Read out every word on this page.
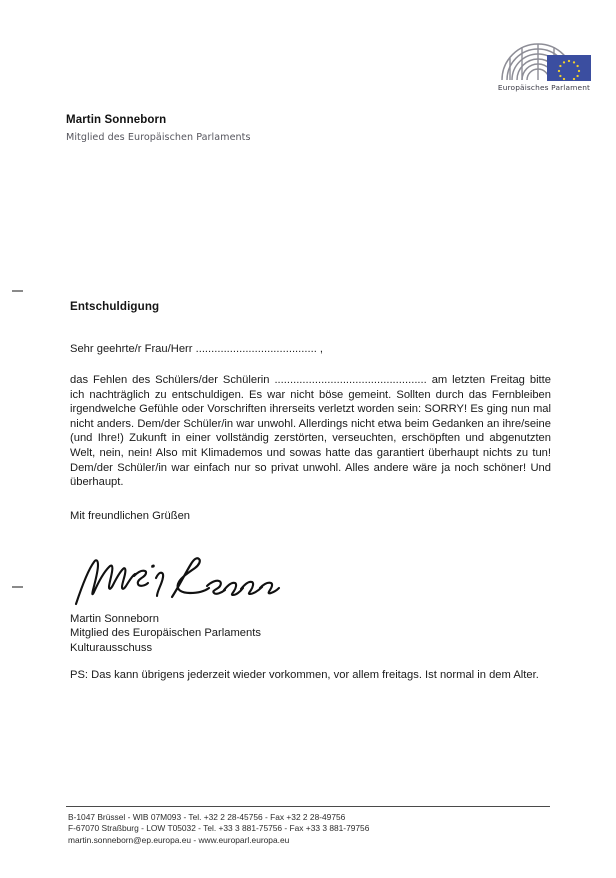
Europäisches Parlament
Martin Sonneborn
Mitglied des Europäischen Parlaments
Entschuldigung
Sehr geehrte/r Frau/Herr ....................................... ,
das Fehlen des Schülers/der Schülerin ................................................. am letzten Freitag bitte ich nachträglich zu entschuldigen. Es war nicht böse gemeint. Sollten durch das Fernbleiben irgendwelche Gefühle oder Vorschriften ihrerseits verletzt worden sein: SORRY! Es ging nun mal nicht anders. Dem/der Schüler/in war unwohl. Allerdings nicht etwa beim Gedanken an ihre/seine (und Ihre!) Zukunft in einer vollständig zerstörten, verseuchten, erschöpften und abgenutzten Welt, nein, nein! Also mit Klimademos und sowas hatte das garantiert überhaupt nichts zu tun! Dem/der Schüler/in war einfach nur so privat unwohl. Alles andere wäre ja noch schöner! Und überhaupt.
Mit freundlichen Grüßen
Martin Sonneborn
Mitglied des Europäischen Parlaments
Kulturausschuss
PS: Das kann übrigens jederzeit wieder vorkommen, vor allem freitags. Ist normal in dem Alter.
B-1047 Brüssel - WIB 07M093 - Tel. +32 2 28-45756 - Fax +32 2 28-49756
F-67070 Straßburg - LOW T05032 - Tel. +33 3 881-75756 - Fax +33 3 881-79756
martin.sonneborn@ep.europa.eu - www.europarl.europa.eu
